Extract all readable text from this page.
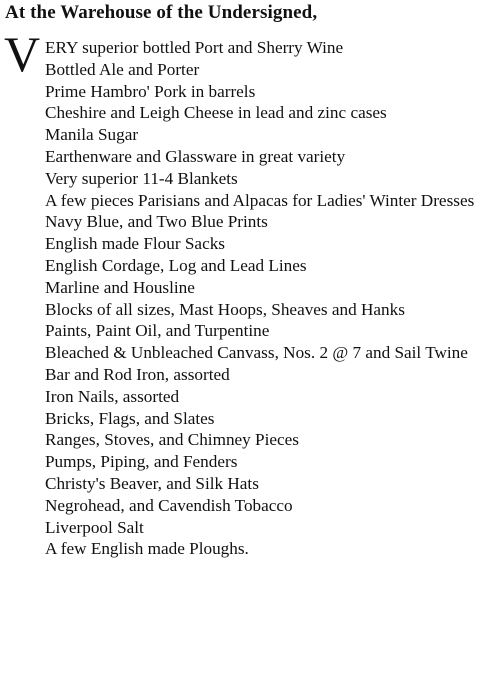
At the Warehouse of the Undersigned,
V ERY superior bottled Port and Sherry Wine
Bottled Ale and Porter
Prime Hambro' Pork in barrels
Cheshire and Leigh Cheese in lead and zinc cases
Manila Sugar
Earthenware and Glassware in great variety
Very superior 11-4 Blankets
A few pieces Parisians and Alpacas for Ladies' Winter Dresses
Navy Blue, and Two Blue Prints
English made Flour Sacks
English Cordage, Log and Lead Lines
Marline and Housline
Blocks of all sizes, Mast Hoops, Sheaves and Hanks
Paints, Paint Oil, and Turpentine
Bleached & Unbleached Canvass, Nos. 2 @ 7 and Sail Twine
Bar and Rod Iron, assorted
Iron Nails, assorted
Bricks, Flags, and Slates
Ranges, Stoves, and Chimney Pieces
Pumps, Piping, and Fenders
Christy's Beaver, and Silk Hats
Negrohead, and Cavendish Tobacco
Liverpool Salt
A few English made Ploughs.
